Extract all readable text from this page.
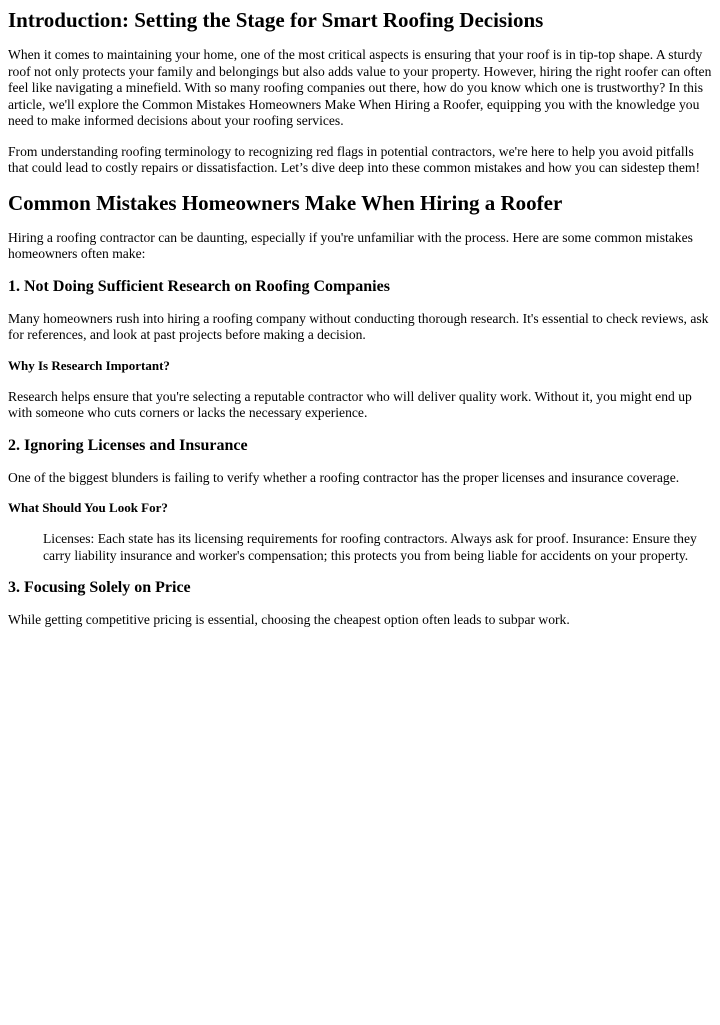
Introduction: Setting the Stage for Smart Roofing Decisions

When it comes to maintaining your home, one of the most critical aspects is ensuring that your roof is in tip-top shape. A sturdy roof not only protects your family and belongings but also adds value to your property. However, hiring the right roofer can often feel like navigating a minefield. With so many roofing companies out there, how do you know which one is trustworthy? In this article, we'll explore the Common Mistakes Homeowners Make When Hiring a Roofer, equipping you with the knowledge you need to make informed decisions about your roofing services.

From understanding roofing terminology to recognizing red flags in potential contractors, we're here to help you avoid pitfalls that could lead to costly repairs or dissatisfaction. Let’s dive deep into these common mistakes and how you can sidestep them!

Common Mistakes Homeowners Make When Hiring a Roofer

Hiring a roofing contractor can be daunting, especially if you're unfamiliar with the process. Here are some common mistakes homeowners often make:

1. Not Doing Sufficient Research on Roofing Companies

Many homeowners rush into hiring a roofing company without conducting thorough research. It's essential to check reviews, ask for references, and look at past projects before making a decision.

Why Is Research Important?

Research helps ensure that you're selecting a reputable contractor who will deliver quality work. Without it, you might end up with someone who cuts corners or lacks the necessary experience.

2. Ignoring Licenses and Insurance

One of the biggest blunders is failing to verify whether a roofing contractor has the proper licenses and insurance coverage.

What Should You Look For?

Licenses: Each state has its licensing requirements for roofing contractors. Always ask for proof. Insurance: Ensure they carry liability insurance and worker's compensation; this protects you from being liable for accidents on your property.

3. Focusing Solely on Price

While getting competitive pricing is essential, choosing the cheapest option often leads to subpar work.
